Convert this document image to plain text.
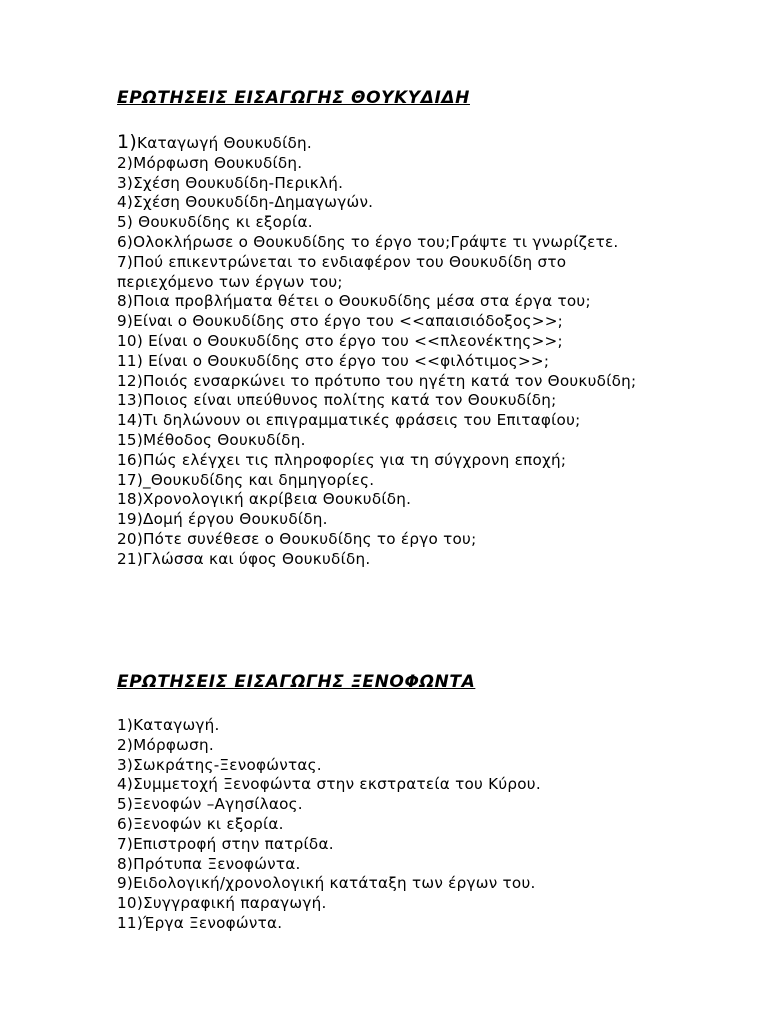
ΕΡΩΤΗΣΕΙΣ ΕΙΣΑΓΩΓΗΣ ΘΟΥΚΥΔΙΔΗ
1)Καταγωγή Θουκυδίδη.
2)Μόρφωση Θουκυδίδη.
3)Σχέση Θουκυδίδη-Περικλή.
4)Σχέση Θουκυδίδη-Δημαγωγών.
5) Θουκυδίδης κι εξορία.
6)Ολοκλήρωσε ο Θουκυδίδης το έργο του;Γράψτε τι γνωρίζετε.
7)Πού επικεντρώνεται το ενδιαφέρον του Θουκυδίδη στο περιεχόμενο των έργων του;
8)Ποια προβλήματα θέτει ο Θουκυδίδης μέσα στα έργα του;
9)Είναι ο Θουκυδίδης στο έργο του <<απαισιόδοξος>>;
10) Είναι ο Θουκυδίδης στο έργο του <<πλεονέκτης>>;
11) Είναι ο Θουκυδίδης στο έργο του <<φιλότιμος>>;
12)Ποιός ενσαρκώνει το πρότυπο του ηγέτη κατά τον Θουκυδίδη;
13)Ποιος είναι υπεύθυνος πολίτης κατά τον Θουκυδίδη;
14)Τι δηλώνουν οι επιγραμματικές φράσεις του Επιταφίου;
15)Μέθοδος Θουκυδίδη.
16)Πώς ελέγχει τις πληροφορίες για τη σύγχρονη εποχή;
17)_Θουκυδίδης και δημηγορίες.
18)Χρονολογική ακρίβεια Θουκυδίδη.
19)Δομή έργου Θουκυδίδη.
20)Πότε συνέθεσε ο Θουκυδίδης το έργο του;
21)Γλώσσα και ύφος Θουκυδίδη.
ΕΡΩΤΗΣΕΙΣ ΕΙΣΑΓΩΓΗΣ ΞΕΝΟΦΩΝΤΑ
1)Καταγωγή.
2)Μόρφωση.
3)Σωκράτης-Ξενοφώντας.
4)Συμμετοχή Ξενοφώντα στην εκστρατεία του Κύρου.
5)Ξενοφών –Αγησίλαος.
6)Ξενοφών κι εξορία.
7)Επιστροφή στην πατρίδα.
8)Πρότυπα Ξενοφώντα.
9)Ειδολογική/χρονολογική κατάταξη των έργων του.
10)Συγγραφική παραγωγή.
11)Έργα Ξενοφώντα.
